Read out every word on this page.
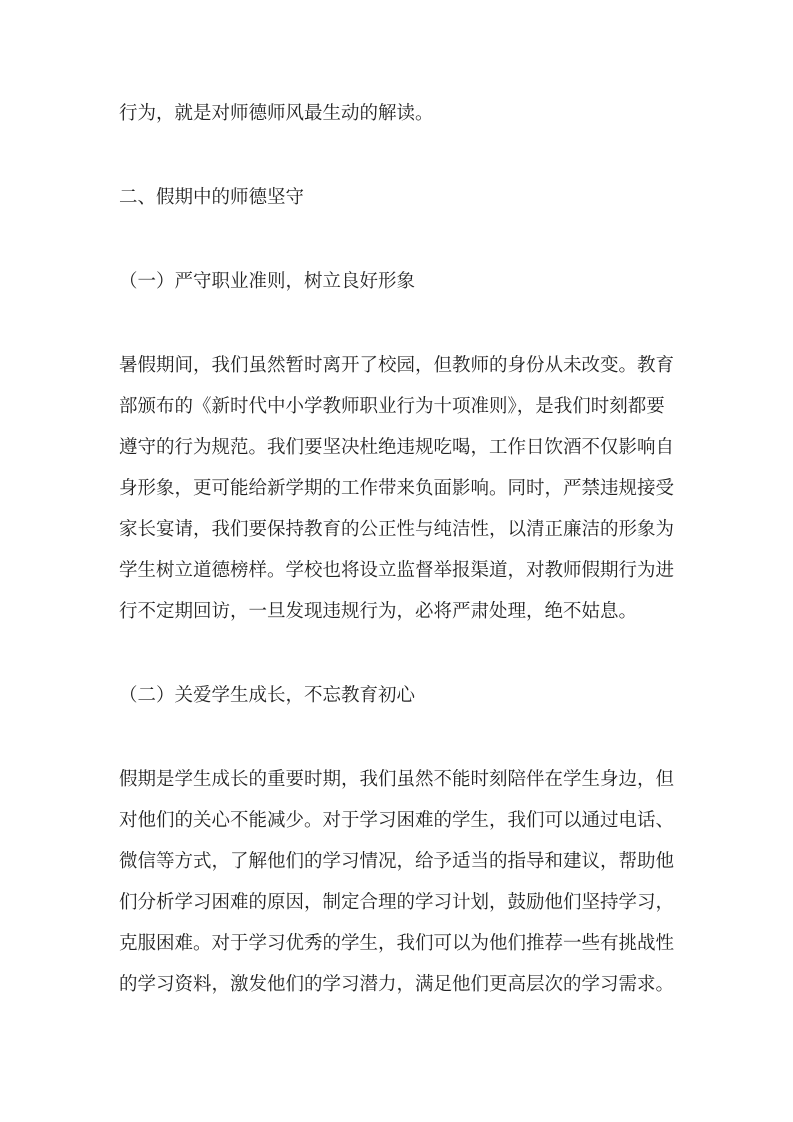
行为，就是对师德师风最生动的解读。
二、假期中的师德坚守
（一）严守职业准则，树立良好形象
暑假期间，我们虽然暂时离开了校园，但教师的身份从未改变。教育
部颁布的《新时代中小学教师职业行为十项准则》，是我们时刻都要
遵守的行为规范。我们要坚决杜绝违规吃喝，工作日饮酒不仅影响自
身形象，更可能给新学期的工作带来负面影响。同时，严禁违规接受
家长宴请，我们要保持教育的公正性与纯洁性，以清正廉洁的形象为
学生树立道德榜样。学校也将设立监督举报渠道，对教师假期行为进
行不定期回访，一旦发现违规行为，必将严肃处理，绝不姑息。
（二）关爱学生成长，不忘教育初心
假期是学生成长的重要时期，我们虽然不能时刻陪伴在学生身边，但
对他们的关心不能减少。对于学习困难的学生，我们可以通过电话、
微信等方式，了解他们的学习情况，给予适当的指导和建议，帮助他
们分析学习困难的原因，制定合理的学习计划，鼓励他们坚持学习，
克服困难。对于学习优秀的学生，我们可以为他们推荐一些有挑战性
的学习资料，激发他们的学习潜力，满足他们更高层次的学习需求。
